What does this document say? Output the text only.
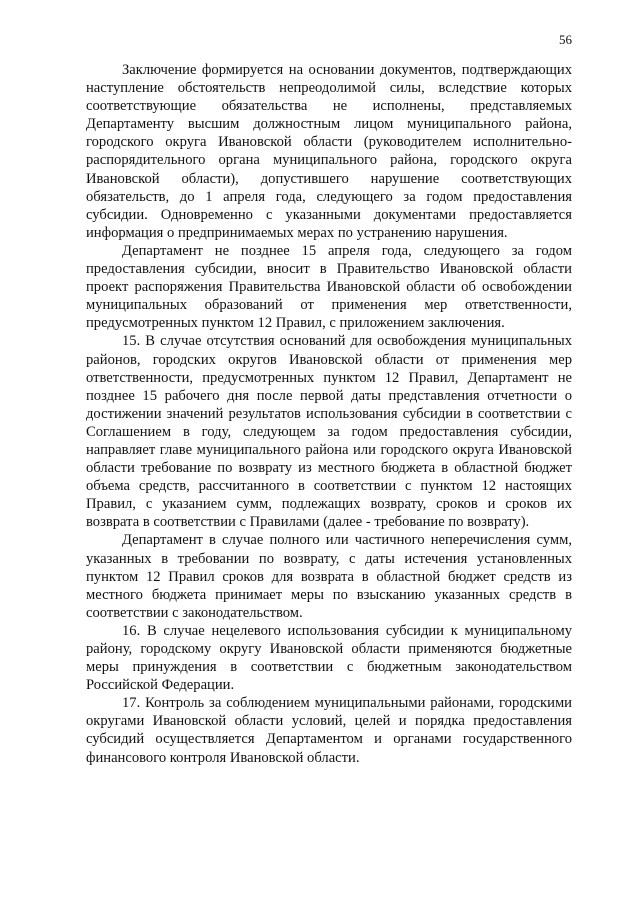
56

Заключение формируется на основании документов, подтверждающих наступление обстоятельств непреодолимой силы, вследствие которых соответствующие обязательства не исполнены, представляемых Департаменту высшим должностным лицом муниципального района, городского округа Ивановской области (руководителем исполнительно-распорядительного органа муниципального района, городского округа Ивановской области), допустившего нарушение соответствующих обязательств, до 1 апреля года, следующего за годом предоставления субсидии. Одновременно с указанными документами предоставляется информация о предпринимаемых мерах по устранению нарушения.

Департамент не позднее 15 апреля года, следующего за годом предоставления субсидии, вносит в Правительство Ивановской области проект распоряжения Правительства Ивановской области об освобождении муниципальных образований от применения мер ответственности, предусмотренных пунктом 12 Правил, с приложением заключения.

15. В случае отсутствия оснований для освобождения муниципальных районов, городских округов Ивановской области от применения мер ответственности, предусмотренных пунктом 12 Правил, Департамент не позднее 15 рабочего дня после первой даты представления отчетности о достижении значений результатов использования субсидии в соответствии с Соглашением в году, следующем за годом предоставления субсидии, направляет главе муниципального района или городского округа Ивановской области требование по возврату из местного бюджета в областной бюджет объема средств, рассчитанного в соответствии с пунктом 12 настоящих Правил, с указанием сумм, подлежащих возврату, сроков и сроков их возврата в соответствии с Правилами (далее - требование по возврату).

Департамент в случае полного или частичного неперечисления сумм, указанных в требовании по возврату, с даты истечения установленных пунктом 12 Правил сроков для возврата в областной бюджет средств из местного бюджета принимает меры по взысканию указанных средств в соответствии с законодательством.

16. В случае нецелевого использования субсидии к муниципальному району, городскому округу Ивановской области применяются бюджетные меры принуждения в соответствии с бюджетным законодательством Российской Федерации.

17. Контроль за соблюдением муниципальными районами, городскими округами Ивановской области условий, целей и порядка предоставления субсидий осуществляется Департаментом и органами государственного финансового контроля Ивановской области.
